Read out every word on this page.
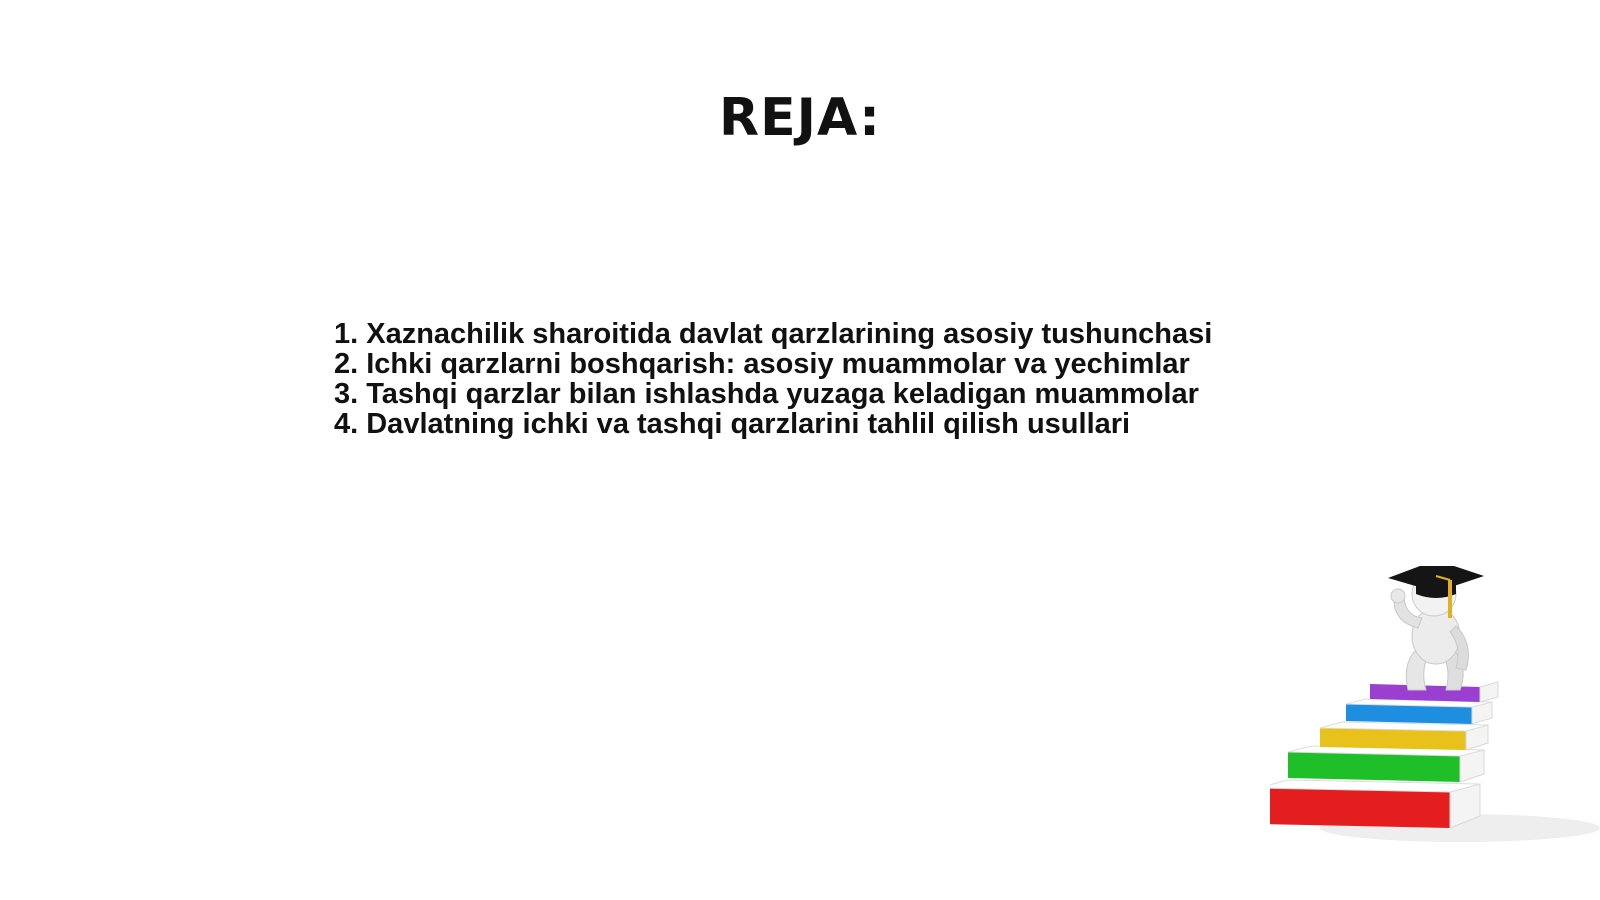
REJA:
1. Xaznachilik sharoitida davlat qarzlarining asosiy tushunchasi
2. Ichki qarzlarni boshqarish: asosiy muammolar va yechimlar
3. Tashqi qarzlar bilan ishlashda yuzaga keladigan muammolar
4. Davlatning ichki va tashqi qarzlarini tahlil qilish usullari
